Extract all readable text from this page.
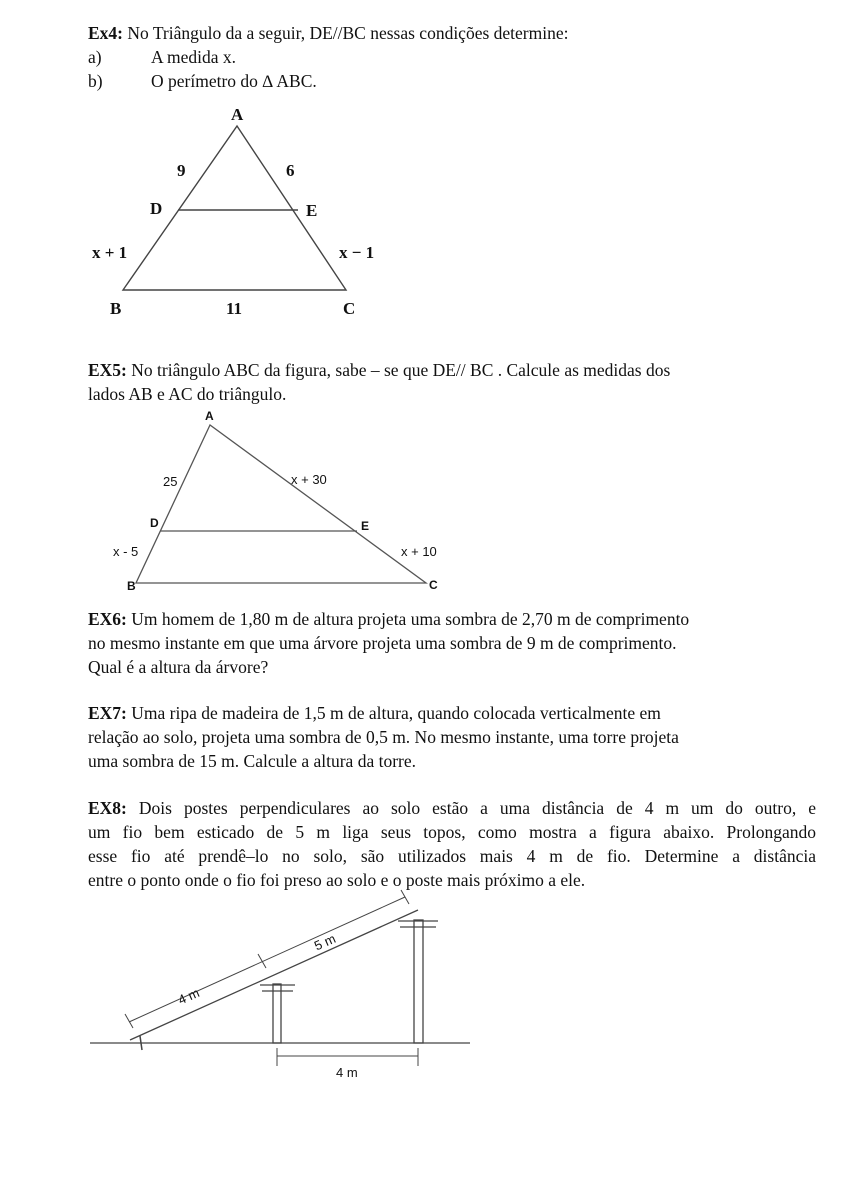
Ex4: No Triângulo da a seguir, DE//BC nessas condições determine:
a)	A medida x.
b)	O perímetro do ∆ ABC.
A
9	6
D	E
x + 1	x − 1
B	11	C
A
25	x + 30
D	E
x - 5	x + 10
B	C
5 m
4 m
4 m
EX5: No triângulo ABC da figura, sabe – se que DE// BC . Calcule as medidas dos
lados AB e AC do triângulo.
EX6: Um homem de 1,80 m de altura projeta uma sombra de 2,70 m de comprimento
no mesmo instante em que uma árvore projeta uma sombra de 9 m de comprimento.
Qual é a altura da árvore?
EX7: Uma ripa de madeira de 1,5 m de altura, quando colocada verticalmente em
relação ao solo, projeta uma sombra de 0,5 m. No mesmo instante, uma torre projeta
uma sombra de 15 m. Calcule a altura da torre.
EX8: Dois postes perpendiculares ao solo estão a uma distância de 4 m um do outro, e
um fio bem esticado de 5 m liga seus topos, como mostra a figura abaixo. Prolongando
esse fio até prendê–lo no solo, são utilizados mais 4 m de fio. Determine a distância
entre o ponto onde o fio foi preso ao solo e o poste mais próximo a ele.
